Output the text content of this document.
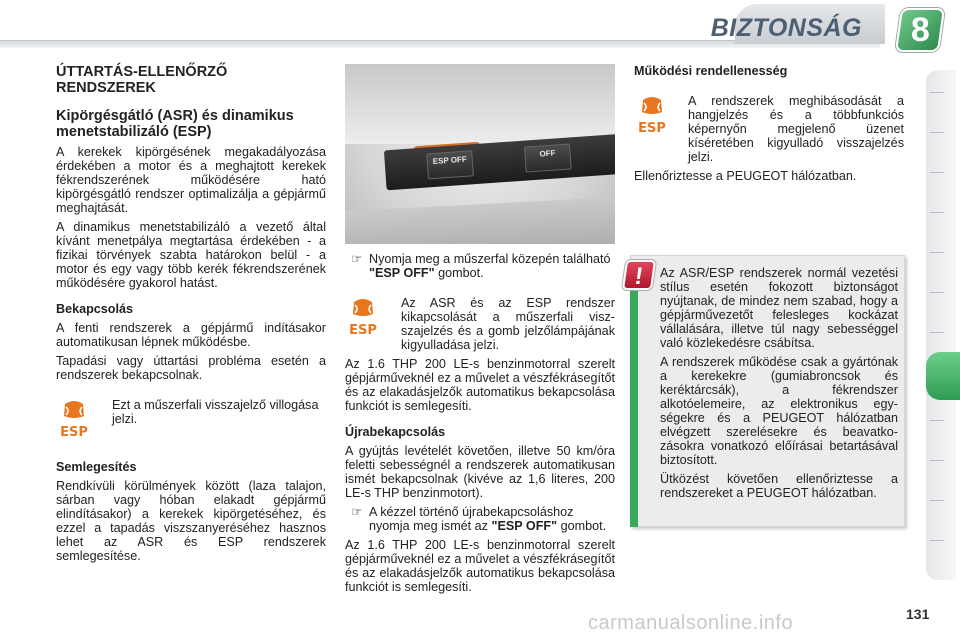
BIZTONSÁG 8
ÚTTARTÁS-ELLENŐRZŐ RENDSZEREK
Kipörgésgátló (ASR) és dinamikus menetstabilizáló (ESP)
A kerekek kipörgésének megakadályozása érdekében a motor és a meghajtott kerekek fékrendszerének működésére ható kipörgésgátló rendszer optimalizálja a gépjármű meghajtását.
A dinamikus menetstabilizáló a vezető által kívánt menetpálya megtartása érdekében - a fizikai törvények szabta határokon belül - a motor és egy vagy több kerék fékrendszerének működésére gyakorol hatást.
Bekapcsolás
A fenti rendszerek a gépjármű indításakor automatikusan lépnek működésbe.
Tapadási vagy úttartási probléma esetén a rendszerek bekapcsolnak.
ESP
Ezt a műszerfali visszajelző villogása jelzi.
Semlegesítés
Rendkívüli körülmények között (laza talajon, sárban vagy hóban elakadt gépjármű elindításakor) a kerekek kipörgetéséhez, és ezzel a tapadás viszszanyeréséhez hasznos lehet az ASR és ESP rendszerek semlegesítése.
ESP OFF
OFF
☞ Nyomja meg a műszerfal közepén található "ESP OFF" gombot.
ESP
Az ASR és az ESP rendszer kikapcsolását a műszerfali viszszajelzés és a gomb jelzőlámpájának kigyulladása jelzi.
Az 1.6 THP 200 LE-s benzinmotorral szerelt gépjárműveknél ez a művelet a vészfékrásegítőt és az elakadásjelzők automatikus bekapcsolása funkciót is semlegesíti.
Újrabekapcsolás
A gyújtás levételét követően, illetve 50 km/óra feletti sebességnél a rendszerek automatikusan ismét bekapcsolnak (kivéve az 1,6 literes, 200 LE-s THP benzinmotort).
☞ A kézzel történő újrabekapcsoláshoz nyomja meg ismét az "ESP OFF" gombot.
Az 1.6 THP 200 LE-s benzinmotorral szerelt gépjárműveknél ez a művelet a vészfékrásegítőt és az elakadásjelzők automatikus bekapcsolása funkciót is semlegesíti.
Működési rendellenesség
ESP
A rendszerek meghibásodását a hangjelzés és a többfunkciós képernyőn megjelenő üzenet kíséretében kigyulladó visszajelzés jelzi.
Ellenőriztesse a PEUGEOT hálózatban.
!	Az ASR/ESP rendszerek normál vezetési stílus esetén fokozott biztonságot nyújtanak, de mindez nem szabad, hogy a gépjárművezetőt felesleges kockázat vállalására, illetve túl nagy sebességgel való közlekedésre csábítsa.
A rendszerek működése csak a gyártónak a kerekekre (gumiabroncsok és keréktárcsák), a fékrendszer alkotóelemeire, az elektronikus egységekre és a PEUGEOT hálózatban elvégzett szerelésekre és beavatkozásokra vonatkozó előírásai betartásával biztosított.
Ütközést követően ellenőriztesse a rendszereket a PEUGEOT hálózatban.
carmanualsonline.info	131
